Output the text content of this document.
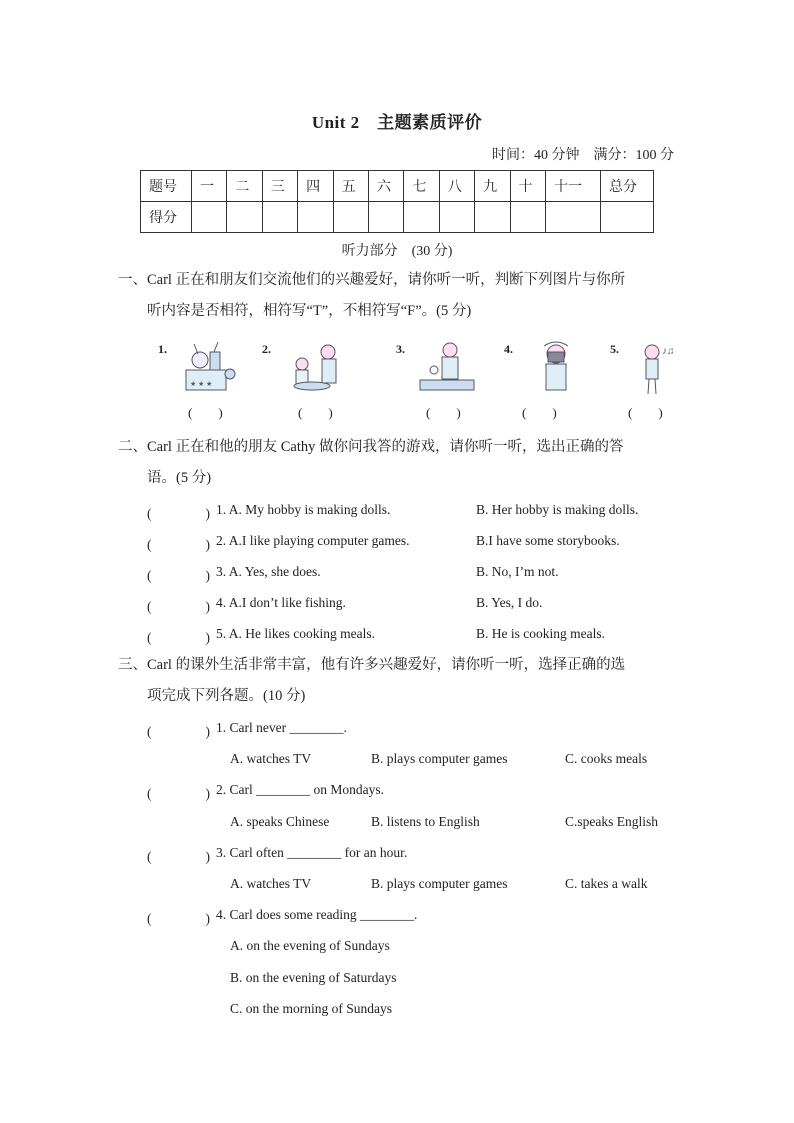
Unit 2　主题素质评价
时间：40 分钟　满分：100 分
题号	一	二	三	四	五	六	七	八	九	十	十一	总分
得分												
听力部分　(30 分)
一、Carl 正在和朋友们交流他们的兴趣爱好，请你听一听，判断下列图片与你所
听内容是否相符，相符写“T”，不相符写“F”。(5 分)
1.
★ ★ ★
(　　)
2.
(　　)
3.
(　　)
4.
(　　)
5.	♪♫
(　　)
二、Carl 正在和他的朋友 Cathy 做你问我答的游戏，请你听一听，选出正确的答
语。(5 分)
(　　　　) 1. A. My hobby is making dolls.	B. Her hobby is making dolls.
(　　　　) 2. A.I like playing computer games.	B.I have some storybooks.
(　　　　) 3. A. Yes, she does.	B. No, I’m not.
(　　　　) 4. A.I don’t like fishing.	B. Yes, I do.
(　　　　) 5. A. He likes cooking meals.	B. He is cooking meals.
三、Carl 的课外生活非常丰富，他有许多兴趣爱好，请你听一听，选择正确的选
项完成下列各题。(10 分)
(　　　　) 1. Carl never ________.
A. watches TV	B. plays computer games	C. cooks meals
(　　　　) 2. Carl ________ on Mondays.
A. speaks Chinese	B. listens to English	C.speaks English
(　　　　) 3. Carl often ________ for an hour.
A. watches TV	B. plays computer games	C. takes a walk
(　　　　) 4. Carl does some reading ________.
A. on the evening of Sundays
B. on the evening of Saturdays
C. on the morning of Sundays
